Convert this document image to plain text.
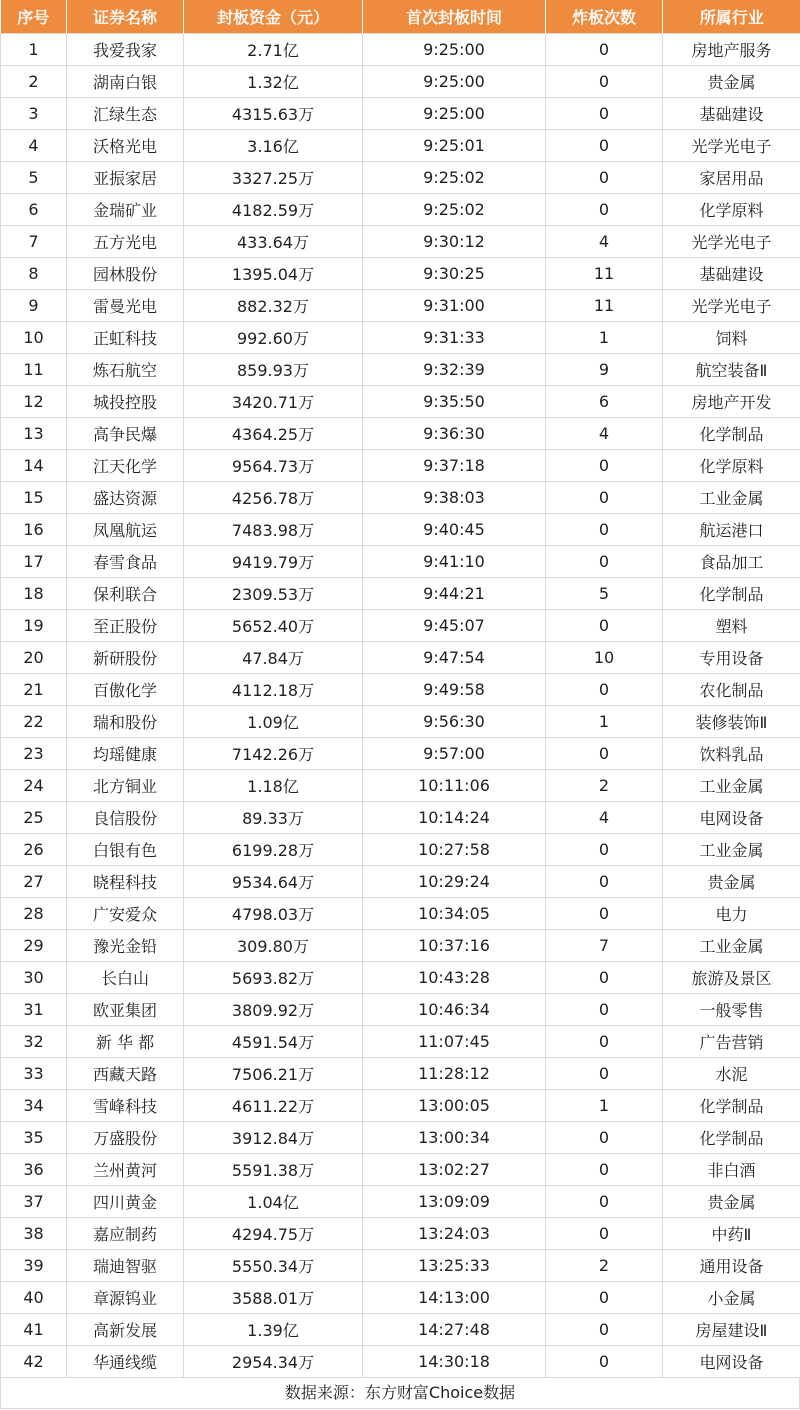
序号	证券名称	封板资金（元）	首次封板时间	炸板次数	所属行业
1	我爱我家	2.71亿	9:25:00	0	房地产服务
2	湖南白银	1.32亿	9:25:00	0	贵金属
3	汇绿生态	4315.63万	9:25:00	0	基础建设
4	沃格光电	3.16亿	9:25:01	0	光学光电子
5	亚振家居	3327.25万	9:25:02	0	家居用品
6	金瑞矿业	4182.59万	9:25:02	0	化学原料
7	五方光电	433.64万	9:30:12	4	光学光电子
8	园林股份	1395.04万	9:30:25	11	基础建设
9	雷曼光电	882.32万	9:31:00	11	光学光电子
10	正虹科技	992.60万	9:31:33	1	饲料
11	炼石航空	859.93万	9:32:39	9	航空装备Ⅱ
12	城投控股	3420.71万	9:35:50	6	房地产开发
13	高争民爆	4364.25万	9:36:30	4	化学制品
14	江天化学	9564.73万	9:37:18	0	化学原料
15	盛达资源	4256.78万	9:38:03	0	工业金属
16	凤凰航运	7483.98万	9:40:45	0	航运港口
17	春雪食品	9419.79万	9:41:10	0	食品加工
18	保利联合	2309.53万	9:44:21	5	化学制品
19	至正股份	5652.40万	9:45:07	0	塑料
20	新研股份	47.84万	9:47:54	10	专用设备
21	百傲化学	4112.18万	9:49:58	0	农化制品
22	瑞和股份	1.09亿	9:56:30	1	装修装饰Ⅱ
23	均瑶健康	7142.26万	9:57:00	0	饮料乳品
24	北方铜业	1.18亿	10:11:06	2	工业金属
25	良信股份	89.33万	10:14:24	4	电网设备
26	白银有色	6199.28万	10:27:58	0	工业金属
27	晓程科技	9534.64万	10:29:24	0	贵金属
28	广安爱众	4798.03万	10:34:05	0	电力
29	豫光金铅	309.80万	10:37:16	7	工业金属
30	长白山	5693.82万	10:43:28	0	旅游及景区
31	欧亚集团	3809.92万	10:46:34	0	一般零售
32	新 华 都	4591.54万	11:07:45	0	广告营销
33	西藏天路	7506.21万	11:28:12	0	水泥
34	雪峰科技	4611.22万	13:00:05	1	化学制品
35	万盛股份	3912.84万	13:00:34	0	化学制品
36	兰州黄河	5591.38万	13:02:27	0	非白酒
37	四川黄金	1.04亿	13:09:09	0	贵金属
38	嘉应制药	4294.75万	13:24:03	0	中药Ⅱ
39	瑞迪智驱	5550.34万	13:25:33	2	通用设备
40	章源钨业	3588.01万	14:13:00	0	小金属
41	高新发展	1.39亿	14:27:48	0	房屋建设Ⅱ
42	华通线缆	2954.34万	14:30:18	0	电网设备
数据来源：东方财富Choice数据
